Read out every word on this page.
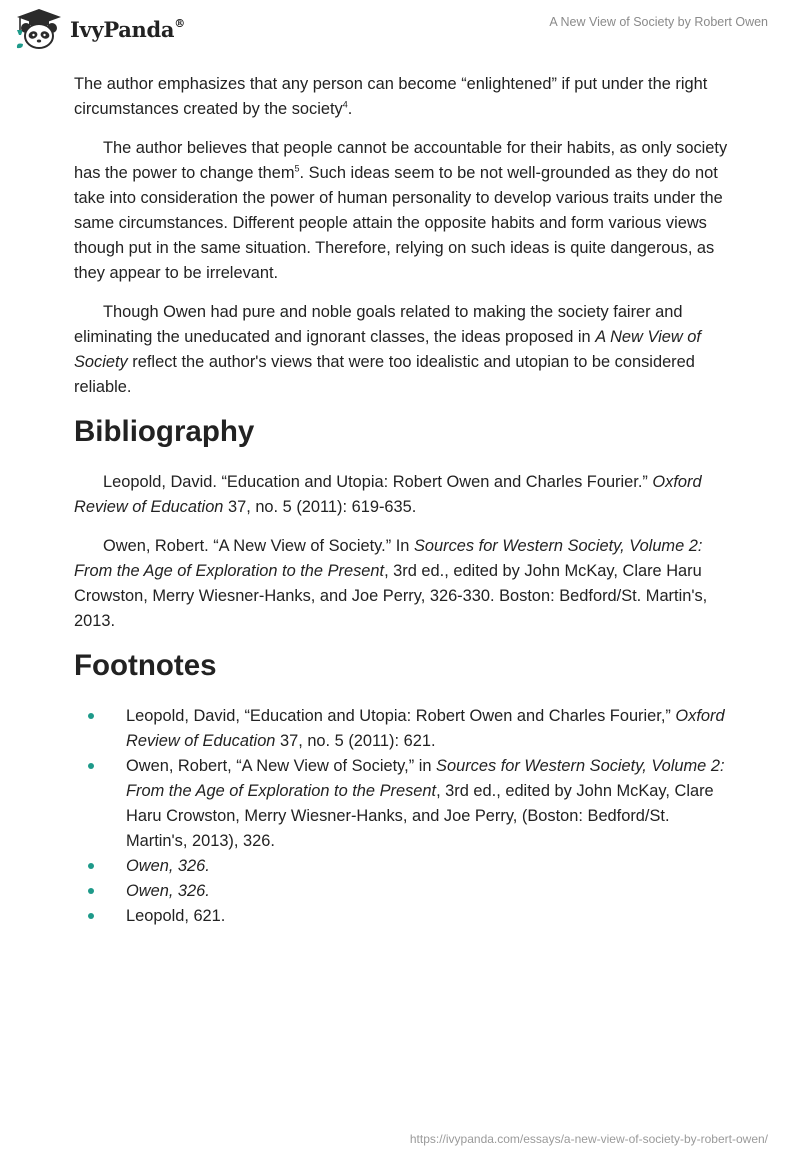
IvyPanda®	A New View of Society by Robert Owen

The author emphasizes that any person can become “enlightened” if put under the right circumstances created by the society$^4$.

The author believes that people cannot be accountable for their habits, as only society has the power to change them$^5$. Such ideas seem to be not well-grounded as they do not take into consideration the power of human personality to develop various traits under the same circumstances. Different people attain the opposite habits and form various views though put in the same situation. Therefore, relying on such ideas is quite dangerous, as they appear to be irrelevant.

Though Owen had pure and noble goals related to making the society fairer and eliminating the uneducated and ignorant classes, the ideas proposed in A New View of Society reflect the author's views that were too idealistic and utopian to be considered reliable.

Bibliography

Leopold, David. “Education and Utopia: Robert Owen and Charles Fourier.” Oxford Review of Education 37, no. 5 (2011): 619-635.

Owen, Robert. “A New View of Society.” In Sources for Western Society, Volume 2: From the Age of Exploration to the Present, 3rd ed., edited by John McKay, Clare Haru Crowston, Merry Wiesner-Hanks, and Joe Perry, 326-330. Boston: Bedford/St. Martin's, 2013.

Footnotes
Leopold, David, “Education and Utopia: Robert Owen and Charles Fourier,” Oxford Review of Education 37, no. 5 (2011): 621.
Owen, Robert, “A New View of Society,” in Sources for Western Society, Volume 2: From the Age of Exploration to the Present, 3rd ed., edited by John McKay, Clare Haru Crowston, Merry Wiesner-Hanks, and Joe Perry, (Boston: Bedford/St. Martin's, 2013), 326.
Owen, 326.
Owen, 326.
Leopold, 621.
https://ivypanda.com/essays/a-new-view-of-society-by-robert-owen/
